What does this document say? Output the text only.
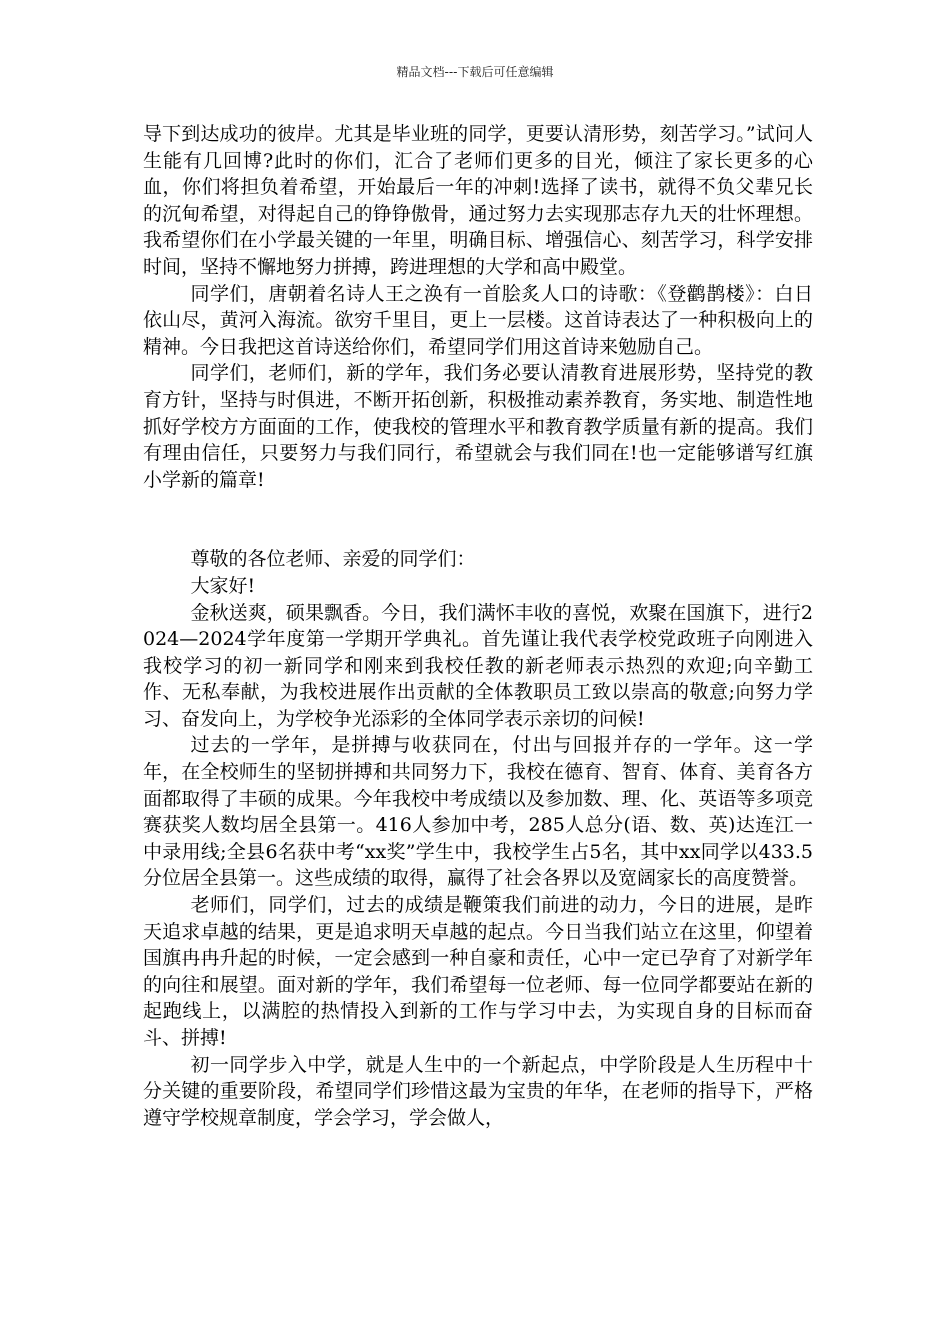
精品文档---下载后可任意编辑

导下到达成功的彼岸。尤其是毕业班的同学，更要认清形势，刻苦学习。”试问人生能有几回博?此时的你们，汇合了老师们更多的目光，倾注了家长更多的心血，你们将担负着希望，开始最后一年的冲刺!选择了读书，就得不负父辈兄长的沉甸希望，对得起自己的铮铮傲骨，通过努力去实现那志存九天的壮怀理想。我希望你们在小学最关键的一年里，明确目标、增强信心、刻苦学习，科学安排时间，坚持不懈地努力拼搏，跨进理想的大学和高中殿堂。

同学们，唐朝着名诗人王之涣有一首脍炙人口的诗歌：《登鹳鹊楼》：白日依山尽，黄河入海流。欲穷千里目，更上一层楼。这首诗表达了一种积极向上的精神。今日我把这首诗送给你们，希望同学们用这首诗来勉励自己。

同学们，老师们，新的学年，我们务必要认清教育进展形势，坚持党的教育方针，坚持与时俱进，不断开拓创新，积极推动素养教育，务实地、制造性地抓好学校方方面面的工作，使我校的管理水平和教育教学质量有新的提高。我们有理由信任，只要努力与我们同行，希望就会与我们同在!也一定能够谱写红旗小学新的篇章!

尊敬的各位老师、亲爱的同学们：

大家好!

金秋送爽，硕果飘香。今日，我们满怀丰收的喜悦，欢聚在国旗下，进行2024—2024学年度第一学期开学典礼。首先谨让我代表学校党政班子向刚进入我校学习的初一新同学和刚来到我校任教的新老师表示热烈的欢迎;向辛勤工作、无私奉献，为我校进展作出贡献的全体教职员工致以崇高的敬意;向努力学习、奋发向上，为学校争光添彩的全体同学表示亲切的问候!

过去的一学年，是拼搏与收获同在，付出与回报并存的一学年。这一学年，在全校师生的坚韧拼搏和共同努力下，我校在德育、智育、体育、美育各方面都取得了丰硕的成果。今年我校中考成绩以及参加数、理、化、英语等多项竞赛获奖人数均居全县第一。416人参加中考，285人总分(语、数、英)达连江一中录用线;全县6名获中考“xx奖”学生中，我校学生占5名，其中xx同学以433.5分位居全县第一。这些成绩的取得，赢得了社会各界以及宽阔家长的高度赞誉。

老师们，同学们，过去的成绩是鞭策我们前进的动力，今日的进展，是昨天追求卓越的结果，更是追求明天卓越的起点。今日当我们站立在这里，仰望着国旗冉冉升起的时候，一定会感到一种自豪和责任，心中一定已孕育了对新学年的向往和展望。面对新的学年，我们希望每一位老师、每一位同学都要站在新的起跑线上，以满腔的热情投入到新的工作与学习中去，为实现自身的目标而奋斗、拼搏!

初一同学步入中学，就是人生中的一个新起点，中学阶段是人生历程中十分关键的重要阶段，希望同学们珍惜这最为宝贵的年华，在老师的指导下，严格遵守学校规章制度，学会学习，学会做人，
